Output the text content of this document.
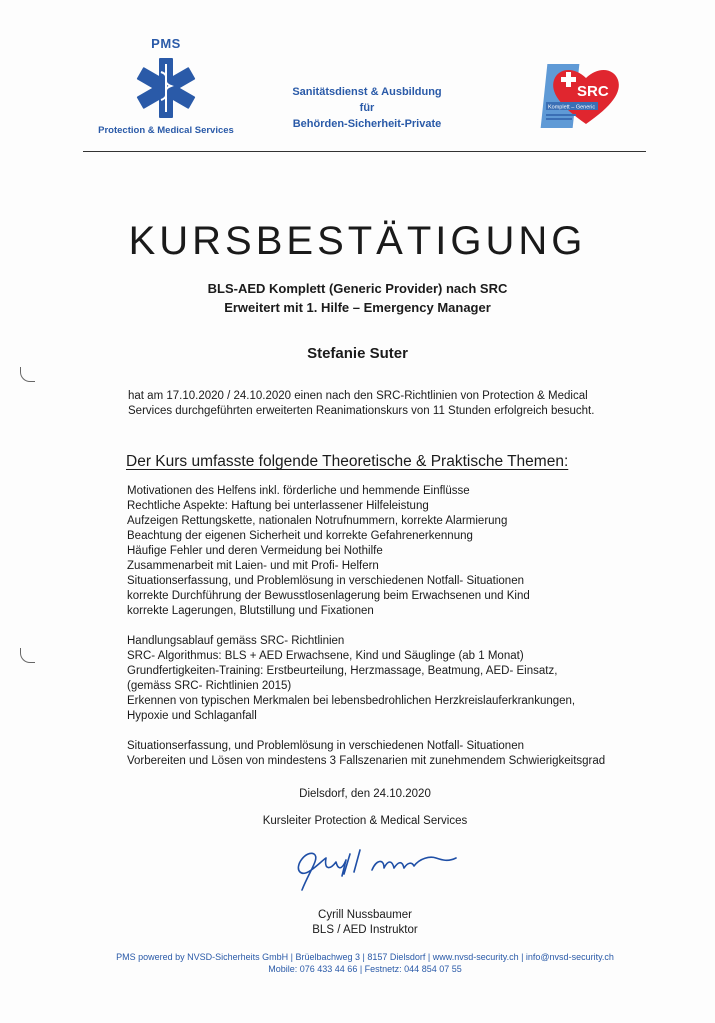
PMS
Protection & Medical Services
Sanitätsdienst & Ausbildung
für
Behörden-Sicherheit-Private
SRC
Komplett – Generic
KURSBESTÄTIGUNG
BLS-AED Komplett (Generic Provider) nach SRC
Erweitert mit 1. Hilfe – Emergency Manager
Stefanie Suter
hat am 17.10.2020 / 24.10.2020 einen nach den SRC-Richtlinien von Protection & Medical
Services durchgeführten erweiterten Reanimationskurs von 11 Stunden erfolgreich besucht.
Der Kurs umfasste folgende Theoretische & Praktische Themen:
Motivationen des Helfens inkl. förderliche und hemmende Einflüsse
Rechtliche Aspekte: Haftung bei unterlassener Hilfeleistung
Aufzeigen Rettungskette, nationalen Notrufnummern, korrekte Alarmierung
Beachtung der eigenen Sicherheit und korrekte Gefahrenerkennung
Häufige Fehler und deren Vermeidung bei Nothilfe
Zusammenarbeit mit Laien- und mit Profi- Helfern
Situationserfassung, und Problemlösung in verschiedenen Notfall- Situationen
korrekte Durchführung der Bewusstlosenlagerung beim Erwachsenen und Kind
korrekte Lagerungen, Blutstillung und Fixationen
Handlungsablauf gemäss SRC- Richtlinien
SRC- Algorithmus: BLS + AED Erwachsene, Kind und Säuglinge (ab 1 Monat)
Grundfertigkeiten-Training: Erstbeurteilung, Herzmassage, Beatmung, AED- Einsatz,
(gemäss SRC- Richtlinien 2015)
Erkennen von typischen Merkmalen bei lebensbedrohlichen Herzkreislauferkrankungen,
Hypoxie und Schlaganfall
Situationserfassung, und Problemlösung in verschiedenen Notfall- Situationen
Vorbereiten und Lösen von mindestens 3 Fallszenarien mit zunehmendem Schwierigkeitsgrad
Dielsdorf, den 24.10.2020
Kursleiter Protection & Medical Services
Cyrill Nussbaumer
BLS / AED Instruktor
PMS powered by NVSD-Sicherheits GmbH | Brüelbachweg 3 | 8157 Dielsdorf | www.nvsd-security.ch | info@nvsd-security.ch
Mobile: 076 433 44 66 | Festnetz: 044 854 07 55
